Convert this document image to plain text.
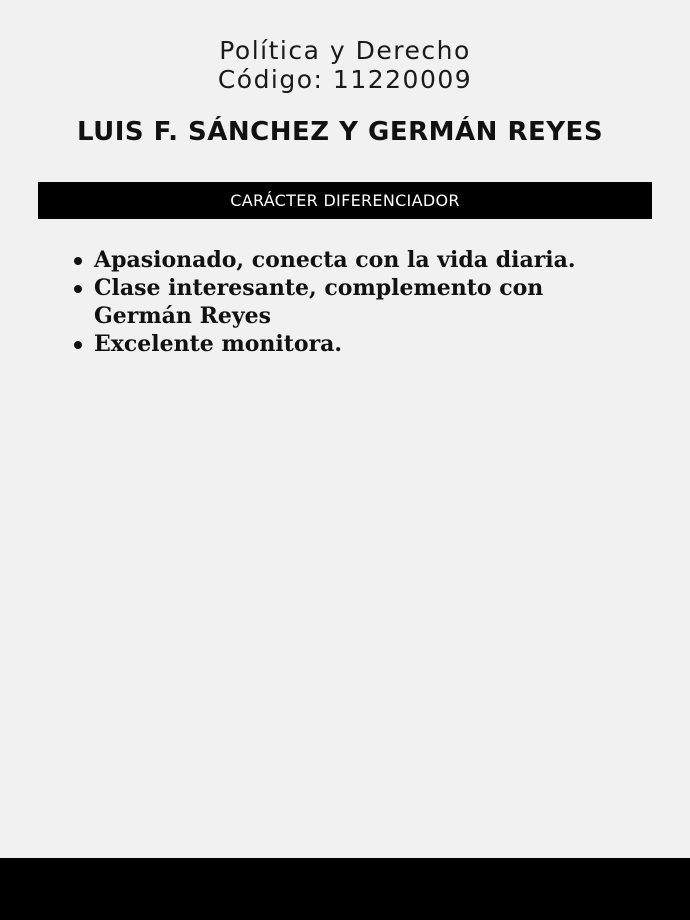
Política y Derecho
Código: 11220009
LUIS F. SÁNCHEZ Y GERMÁN REYES
CARÁCTER DIFERENCIADOR
Apasionado, conecta con la vida diaria.
Clase interesante, complemento con Germán Reyes
Excelente monitora.
